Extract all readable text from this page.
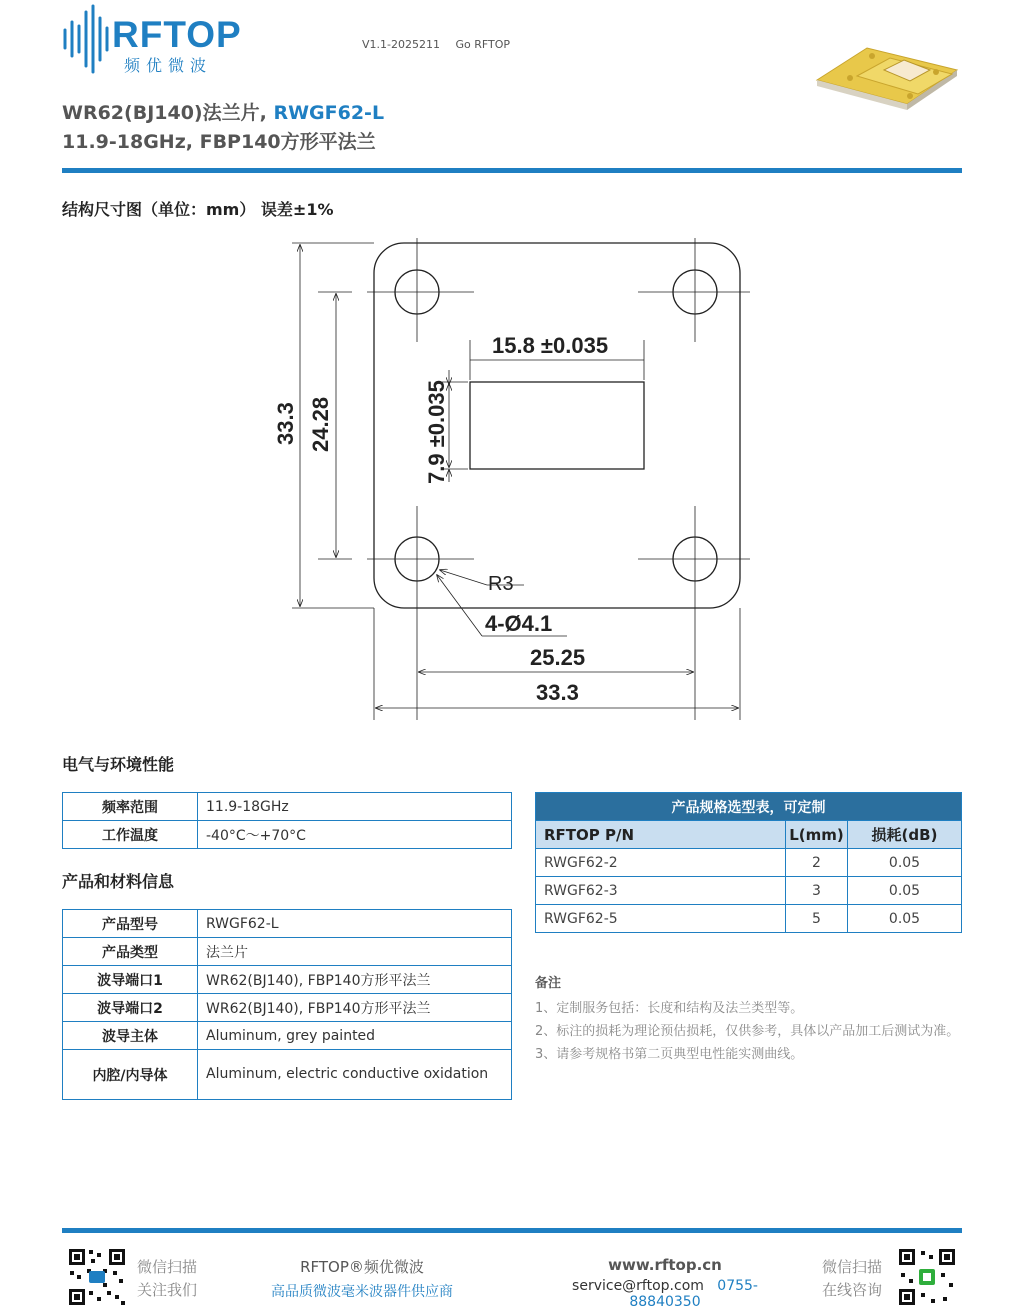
RFTOP
频优微波
V1.1-2025211 Go RFTOP
WR62(BJ140)法兰片, RWGF62-L
11.9-18GHz, FBP140方形平法兰
结构尺寸图（单位：mm） 误差±1%
15.8 ±0.035
7.9 ±0.035
33.3 24.28
R3
4-Ø4.1
25.25
33.3
电气与环境性能
频率范围	11.9-18GHz
工作温度	-40°C～+70°C
产品和材料信息
产品型号	RWGF62-L
产品类型	法兰片
波导端口1	WR62(BJ140), FBP140方形平法兰
波导端口2	WR62(BJ140), FBP140方形平法兰
波导主体	Aluminum, grey painted
内腔/内导体	Aluminum, electric conductive oxidation
产品规格选型表，可定制		
RFTOP P/N	L(mm)	损耗(dB)
RWGF62-2	2	0.05
RWGF62-3	3	0.05
RWGF62-5	5	0.05
备注
1、定制服务包括：长度和结构及法兰类型等。
2、标注的损耗为理论预估损耗，仅供参考，具体以产品加工后测试为准。
3、请参考规格书第二页典型电性能实测曲线。
微信扫描
关注我们
RFTOP®频优微波
高品质微波毫米波器件供应商
www.rftop.cn
service@rftop.com 0755-88840350
微信扫描
在线咨询
